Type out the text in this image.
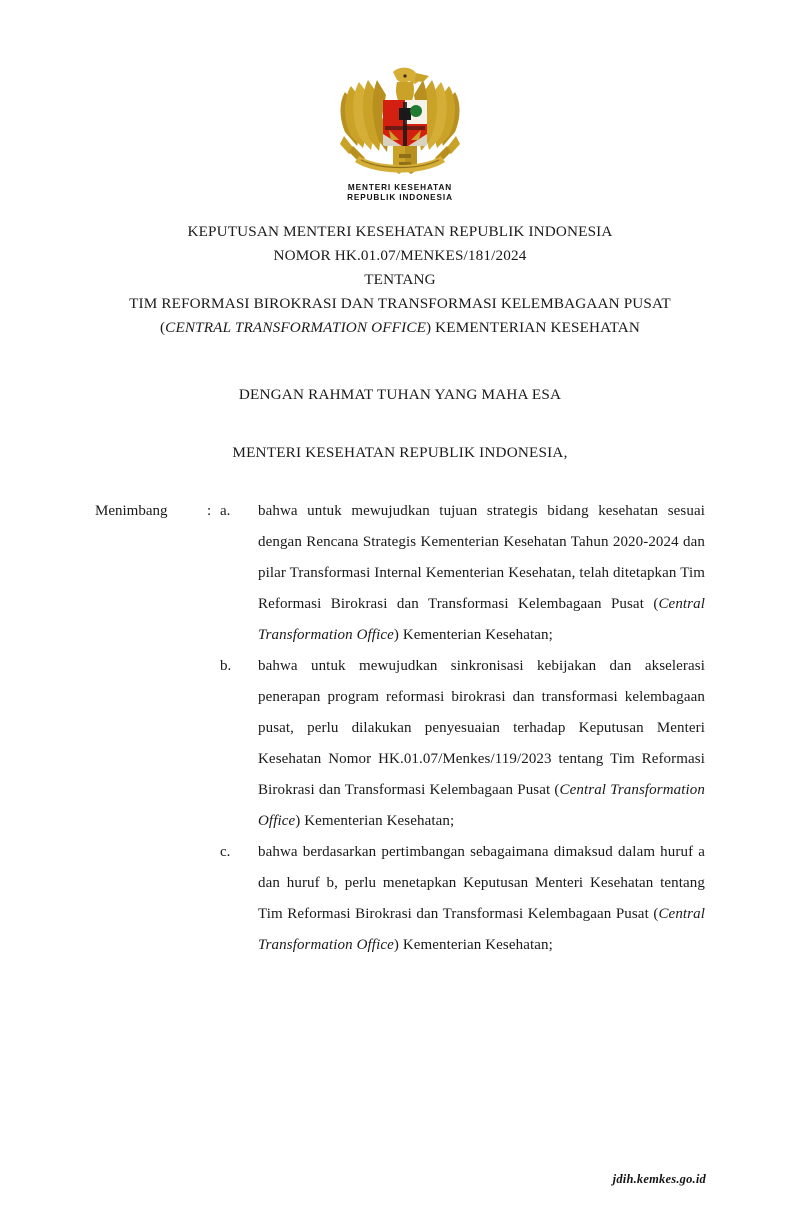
MENTERI KESEHATAN
REPUBLIK INDONESIA
KEPUTUSAN MENTERI KESEHATAN REPUBLIK INDONESIA
NOMOR HK.01.07/MENKES/181/2024
TENTANG
TIM REFORMASI BIROKRASI DAN TRANSFORMASI KELEMBAGAAN PUSAT
(CENTRAL TRANSFORMATION OFFICE) KEMENTERIAN KESEHATAN
DENGAN RAHMAT TUHAN YANG MAHA ESA
MENTERI KESEHATAN REPUBLIK INDONESIA,
Menimbang	: a. bahwa untuk mewujudkan tujuan strategis bidang kesehatan sesuai dengan Rencana Strategis Kementerian Kesehatan Tahun 2020-2024 dan pilar Transformasi Internal Kementerian Kesehatan, telah ditetapkan Tim Reformasi Birokrasi dan Transformasi Kelembagaan Pusat (Central Transformation Office) Kementerian Kesehatan;

b. bahwa untuk mewujudkan sinkronisasi kebijakan dan akselerasi penerapan program reformasi birokrasi dan transformasi kelembagaan pusat, perlu dilakukan penyesuaian terhadap Keputusan Menteri Kesehatan Nomor HK.01.07/Menkes/119/2023 tentang Tim Reformasi Birokrasi dan Transformasi Kelembagaan Pusat (Central Transformation Office) Kementerian Kesehatan;

c. bahwa berdasarkan pertimbangan sebagaimana dimaksud dalam huruf a dan huruf b, perlu menetapkan Keputusan Menteri Kesehatan tentang Tim Reformasi Birokrasi dan Transformasi Kelembagaan Pusat (Central Transformation Office) Kementerian Kesehatan;

jdih.kemkes.go.id
